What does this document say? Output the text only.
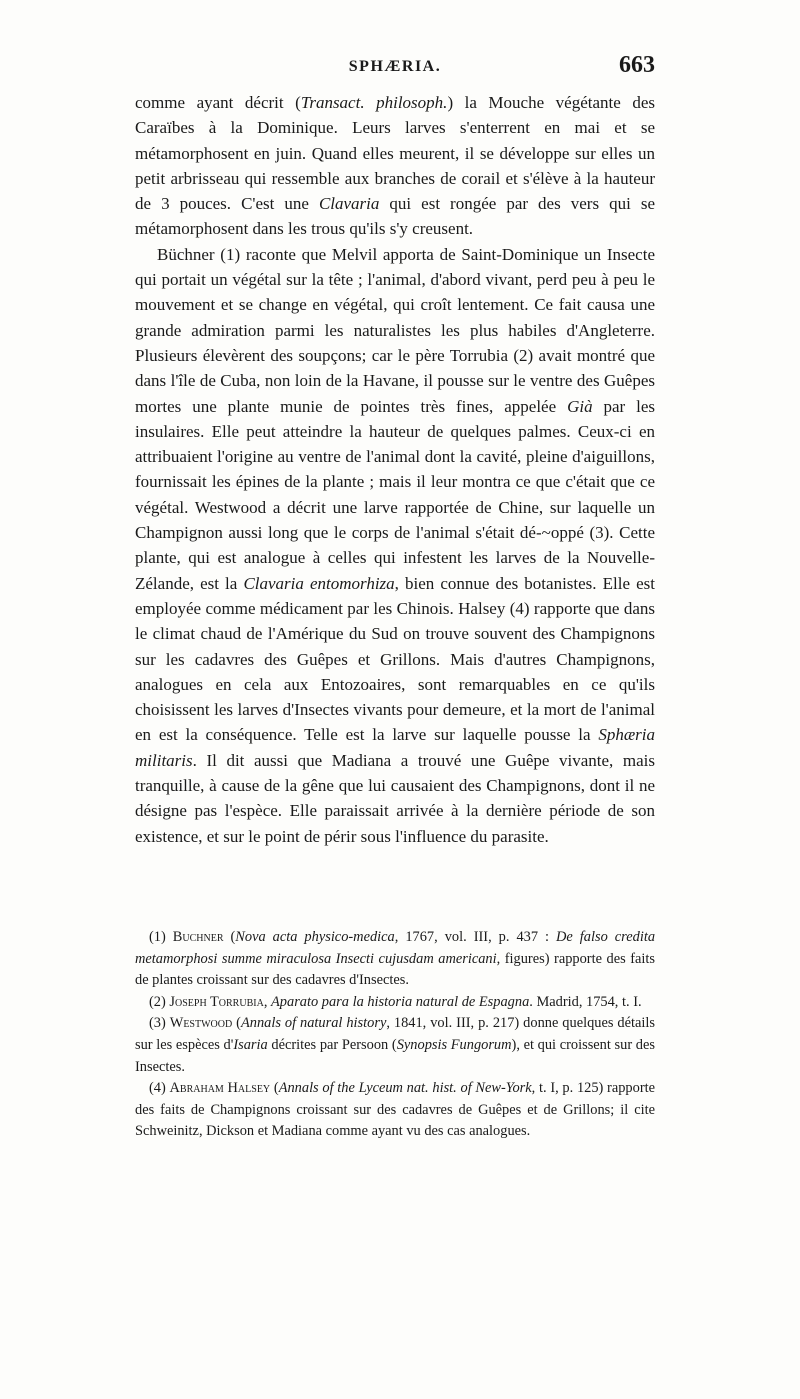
SPHÆRIA.	663

comme ayant décrit (Transact. philosoph.) la Mouche végétante des Caraïbes à la Dominique. Leurs larves s'enterrent en mai et se métamorphosent en juin. Quand elles meurent, il se développe sur elles un petit arbrisseau qui ressemble aux branches de corail et s'élève à la hauteur de 3 pouces. C'est une Clavaria qui est rongée par des vers qui se métamorphosent dans les trous qu'ils s'y creusent.

Büchner (1) raconte que Melvil apporta de Saint-Dominique un Insecte qui portait un végétal sur la tête ; l'animal, d'abord vivant, perd peu à peu le mouvement et se change en végétal, qui croît lentement. Ce fait causa une grande admiration parmi les naturalistes les plus habiles d'Angleterre. Plusieurs élevèrent des soupçons; car le père Torrubia (2) avait montré que dans l'île de Cuba, non loin de la Havane, il pousse sur le ventre des Guêpes mortes une plante munie de pointes très fines, appelée Già par les insulaires. Elle peut atteindre la hauteur de quelques palmes. Ceux-ci en attribuaient l'origine au ventre de l'animal dont la cavité, pleine d'aiguillons, fournissait les épines de la plante ; mais il leur montra ce que c'était que ce végétal. Westwood a décrit une larve rapportée de Chine, sur laquelle un Champignon aussi long que le corps de l'animal s'était dé-~oppé (3). Cette plante, qui est analogue à celles qui infestent les larves de la Nouvelle-Zélande, est la Clavaria entomorhiza, bien connue des botanistes. Elle est employée comme médicament par les Chinois. Halsey (4) rapporte que dans le climat chaud de l'Amérique du Sud on trouve souvent des Champignons sur les cadavres des Guêpes et Grillons. Mais d'autres Champignons, analogues en cela aux Entozoaires, sont remarquables en ce qu'ils choisissent les larves d'Insectes vivants pour demeure, et la mort de l'animal en est la conséquence. Telle est la larve sur laquelle pousse la Sphæria militaris. Il dit aussi que Madiana a trouvé une Guêpe vivante, mais tranquille, à cause de la gêne que lui causaient des Champignons, dont il ne désigne pas l'espèce. Elle paraissait arrivée à la dernière période de son existence, et sur le point de périr sous l'influence du parasite.

(1) Buchner (Nova acta physico-medica, 1767, vol. III, p. 437 : De falso credita metamorphosi summe miraculosa Insecti cujusdam americani, figures) rapporte des faits de plantes croissant sur des cadavres d'Insectes.

(2) Joseph Torrubia, Aparato para la historia natural de Espagna. Madrid, 1754, t. I.

(3) Westwood (Annals of natural history, 1841, vol. III, p. 217) donne quelques détails sur les espèces d'Isaria décrites par Persoon (Synopsis Fungorum), et qui croissent sur des Insectes.

(4) Abraham Halsey (Annals of the Lyceum nat. hist. of New-York, t. I, p. 125) rapporte des faits de Champignons croissant sur des cadavres de Guêpes et de Grillons; il cite Schweinitz, Dickson et Madiana comme ayant vu des cas analogues.
